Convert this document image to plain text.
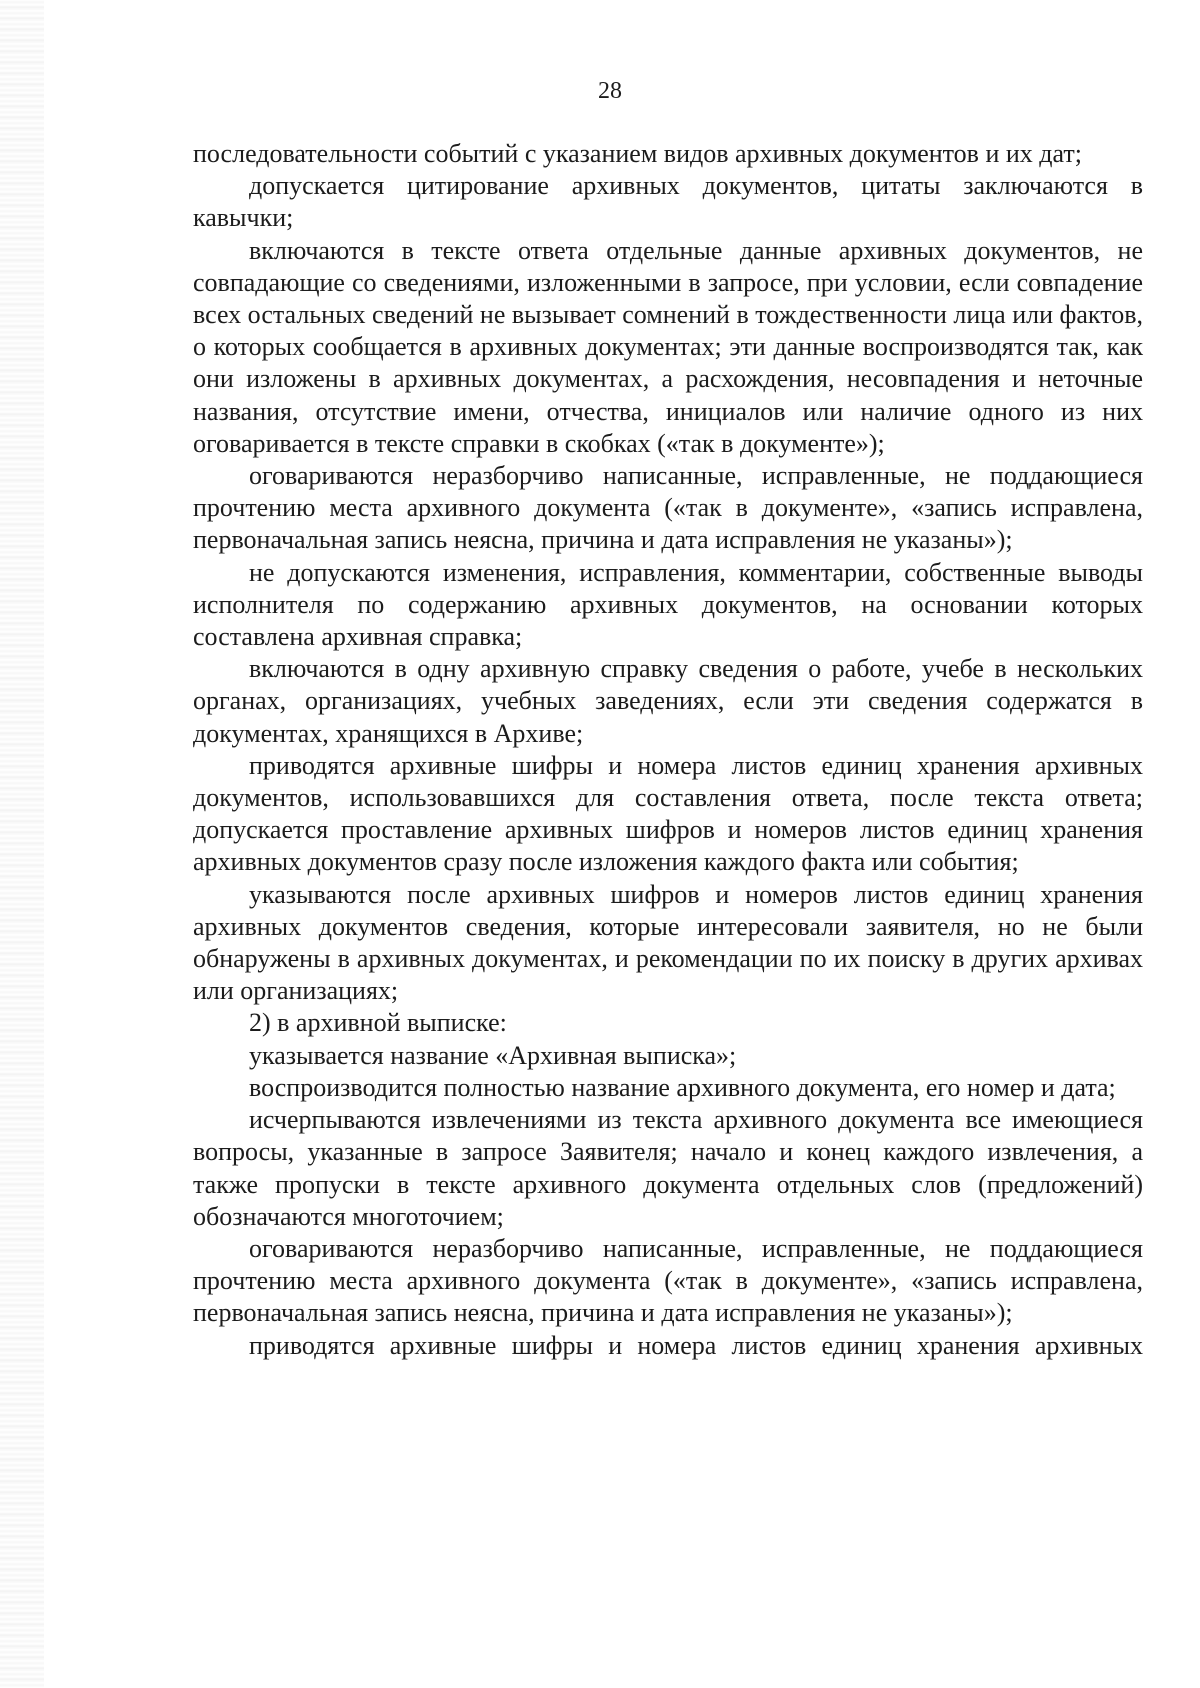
28

последовательности событий с указанием видов архивных документов и их дат;

допускается цитирование архивных документов, цитаты заключаются в кавычки;

включаются в тексте ответа отдельные данные архивных документов, не совпадающие со сведениями, изложенными в запросе, при условии, если совпадение всех остальных сведений не вызывает сомнений в тождественности лица или фактов, о которых сообщается в архивных документах; эти данные воспроизводятся так, как они изложены в архивных документах, а расхождения, несовпадения и неточные названия, отсутствие имени, отчества, инициалов или наличие одного из них оговаривается в тексте справки в скобках («так в документе»);

оговариваются неразборчиво написанные, исправленные, не поддающиеся прочтению места архивного документа («так в документе», «запись исправлена, первоначальная запись неясна, причина и дата исправления не указаны»);

не допускаются изменения, исправления, комментарии, собственные выводы исполнителя по содержанию архивных документов, на основании которых составлена архивная справка;

включаются в одну архивную справку сведения о работе, учебе в нескольких органах, организациях, учебных заведениях, если эти сведения содержатся в документах, хранящихся в Архиве;

приводятся архивные шифры и номера листов единиц хранения архивных документов, использовавшихся для составления ответа, после текста ответа; допускается проставление архивных шифров и номеров листов единиц хранения архивных документов сразу после изложения каждого факта или события;

указываются после архивных шифров и номеров листов единиц хранения архивных документов сведения, которые интересовали заявителя, но не были обнаружены в архивных документах, и рекомендации по их поиску в других архивах или организациях;

2) в архивной выписке:

указывается название «Архивная выписка»;

воспроизводится полностью название архивного документа, его номер и дата;

исчерпываются извлечениями из текста архивного документа все имеющиеся вопросы, указанные в запросе Заявителя; начало и конец каждого извлечения, а также пропуски в тексте архивного документа отдельных слов (предложений) обозначаются многоточием;

оговариваются неразборчиво написанные, исправленные, не поддающиеся прочтению места архивного документа («так в документе», «запись исправлена, первоначальная запись неясна, причина и дата исправления не указаны»);

приводятся архивные шифры и номера листов единиц хранения архивных
